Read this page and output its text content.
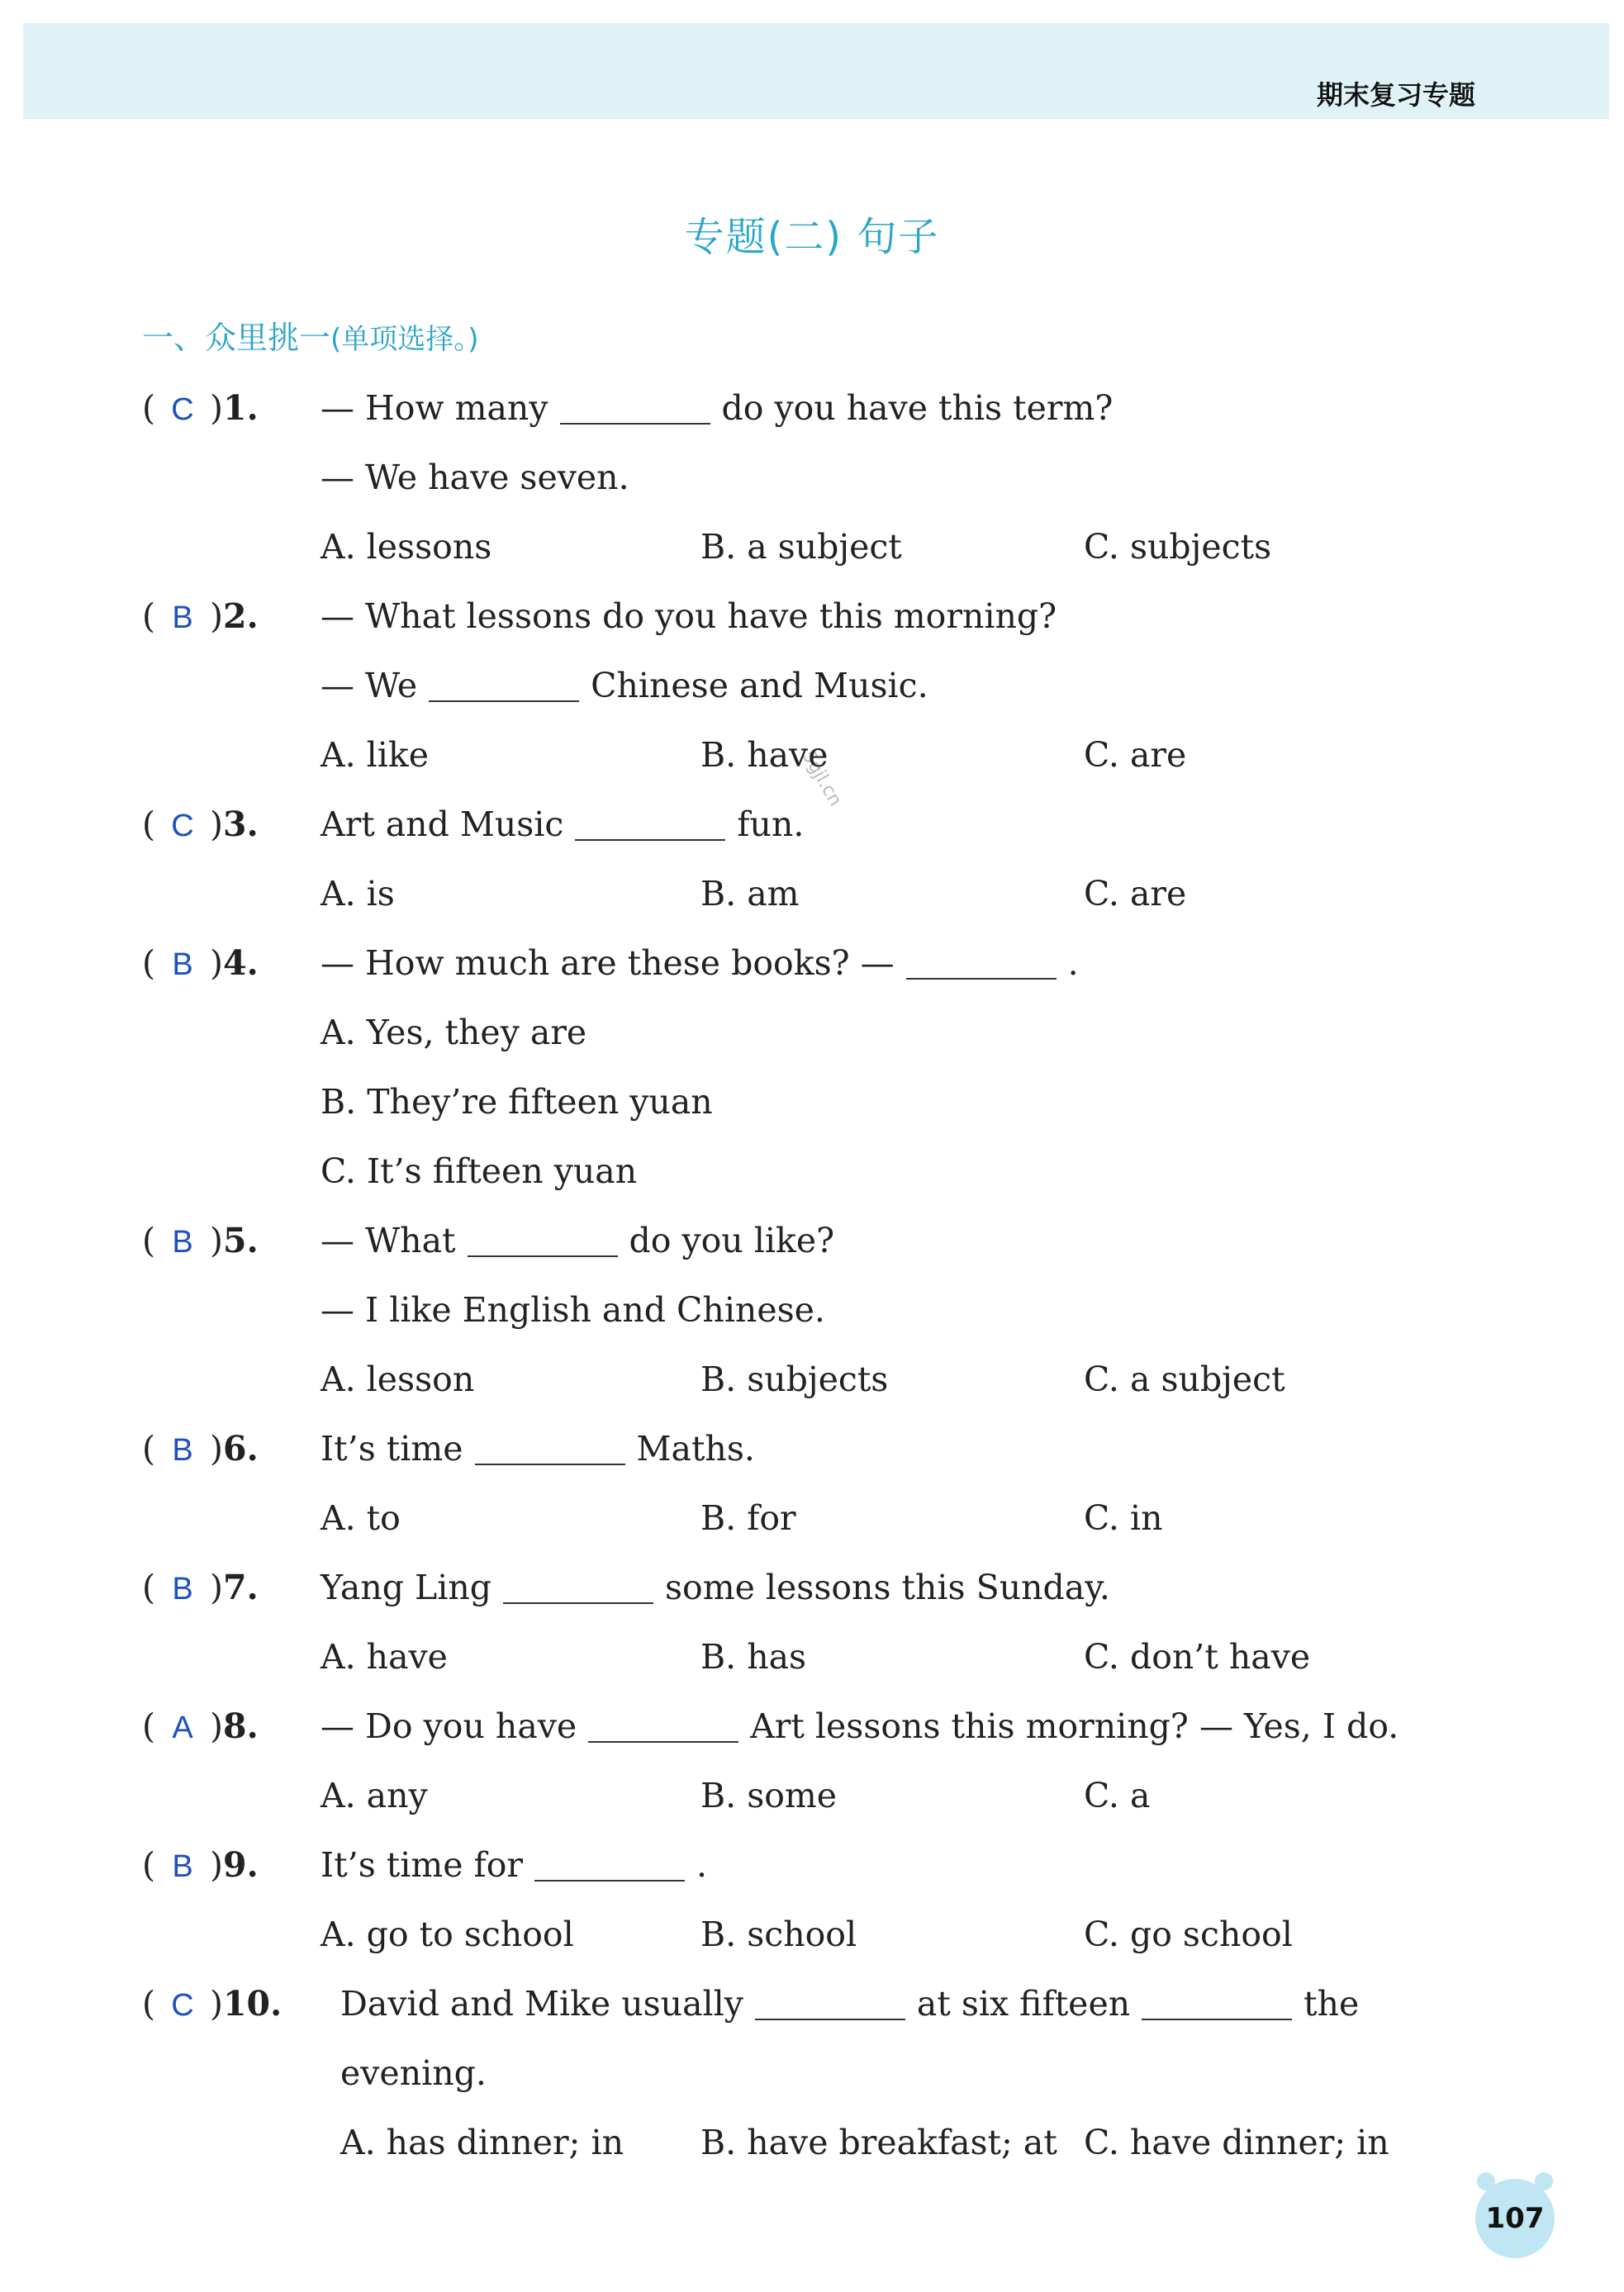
期末复习专题
专题(二) 句子
一、众里挑一(单项选择。)
5gjl.cn
( C )1. — How many	do you have this term?
— We have seven.
A. lessons	B. a subject	C. subjects
( B )2. — What lessons do you have this morning?
— We	Chinese and Music.
A. like	B. have	C. are
( C )3. Art and Music	fun.
A. is	B. am	C. are
( B )4. — How much are these books? —	.
A. Yes, they are
B. They’re fifteen yuan
C. It’s fifteen yuan
( B )5. — What	do you like?
— I like English and Chinese.
A. lesson	B. subjects	C. a subject
( B )6. It’s time	Maths.
A. to	B. for	C. in
( B )7. Yang Ling	some lessons this Sunday.
A. have	B. has	C. don’t have
( A )8. — Do you have	Art lessons this morning? — Yes, I do.
A. any	B. some	C. a
( B )9. It’s time for	.
A. go to school	B. school	C. go school
( C )10. David and Mike usually	at six fifteen	the
evening.
A. has dinner; in B. have breakfast; at C. have dinner; in
107
